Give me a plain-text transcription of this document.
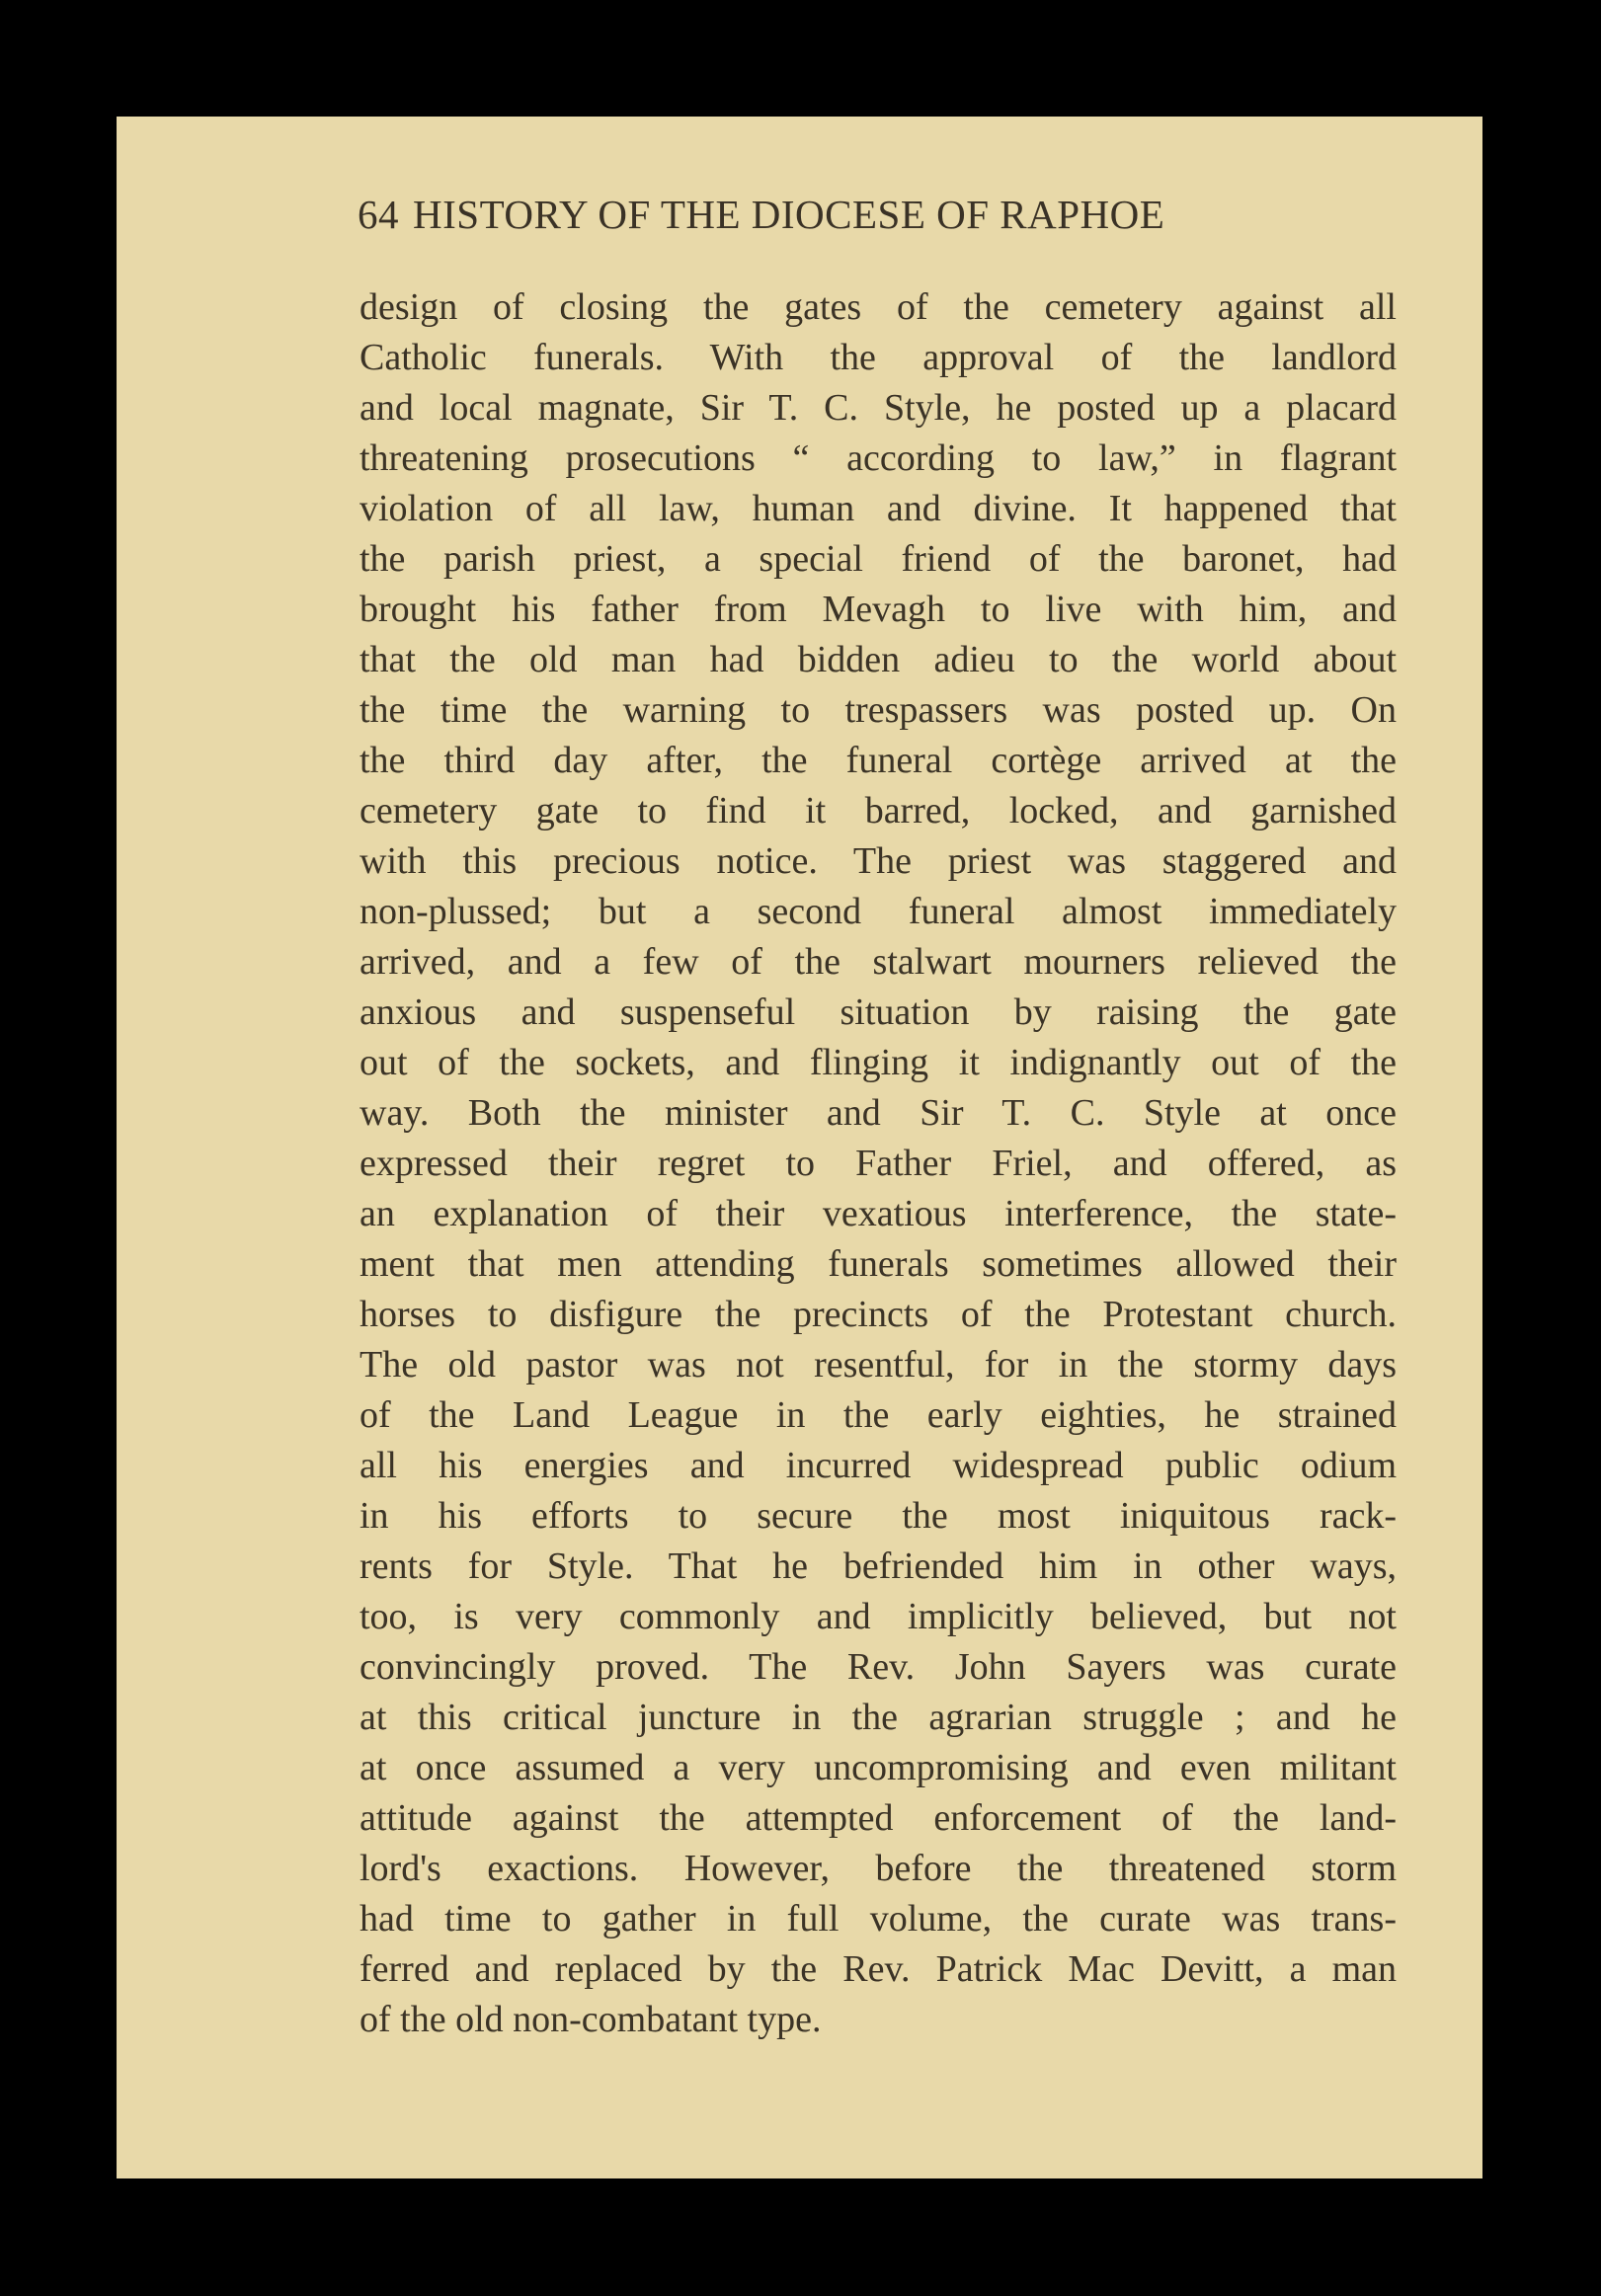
64 HISTORY OF THE DIOCESE OF RAPHOE
design of closing the gates of the cemetery against all
Catholic funerals. With the approval of the landlord
and local magnate, Sir T. C. Style, he posted up a placard
threatening prosecutions “ according to law,” in flagrant
violation of all law, human and divine. It happened that
the parish priest, a special friend of the baronet, had
brought his father from Mevagh to live with him, and
that the old man had bidden adieu to the world about
the time the warning to trespassers was posted up. On
the third day after, the funeral cortège arrived at the
cemetery gate to find it barred, locked, and garnished
with this precious notice. The priest was staggered and
non-plussed; but a second funeral almost immediately
arrived, and a few of the stalwart mourners relieved the
anxious and suspenseful situation by raising the gate
out of the sockets, and flinging it indignantly out of the
way. Both the minister and Sir T. C. Style at once
expressed their regret to Father Friel, and offered, as
an explanation of their vexatious interference, the state-
ment that men attending funerals sometimes allowed their
horses to disfigure the precincts of the Protestant church.
The old pastor was not resentful, for in the stormy days
of the Land League in the early eighties, he strained
all his energies and incurred widespread public odium
in his efforts to secure the most iniquitous rack-
rents for Style. That he befriended him in other ways,
too, is very commonly and implicitly believed, but not
convincingly proved. The Rev. John Sayers was curate
at this critical juncture in the agrarian struggle ; and he
at once assumed a very uncompromising and even militant
attitude against the attempted enforcement of the land-
lord's exactions. However, before the threatened storm
had time to gather in full volume, the curate was trans-
ferred and replaced by the Rev. Patrick Mac Devitt, a man
of the old non-combatant type.
